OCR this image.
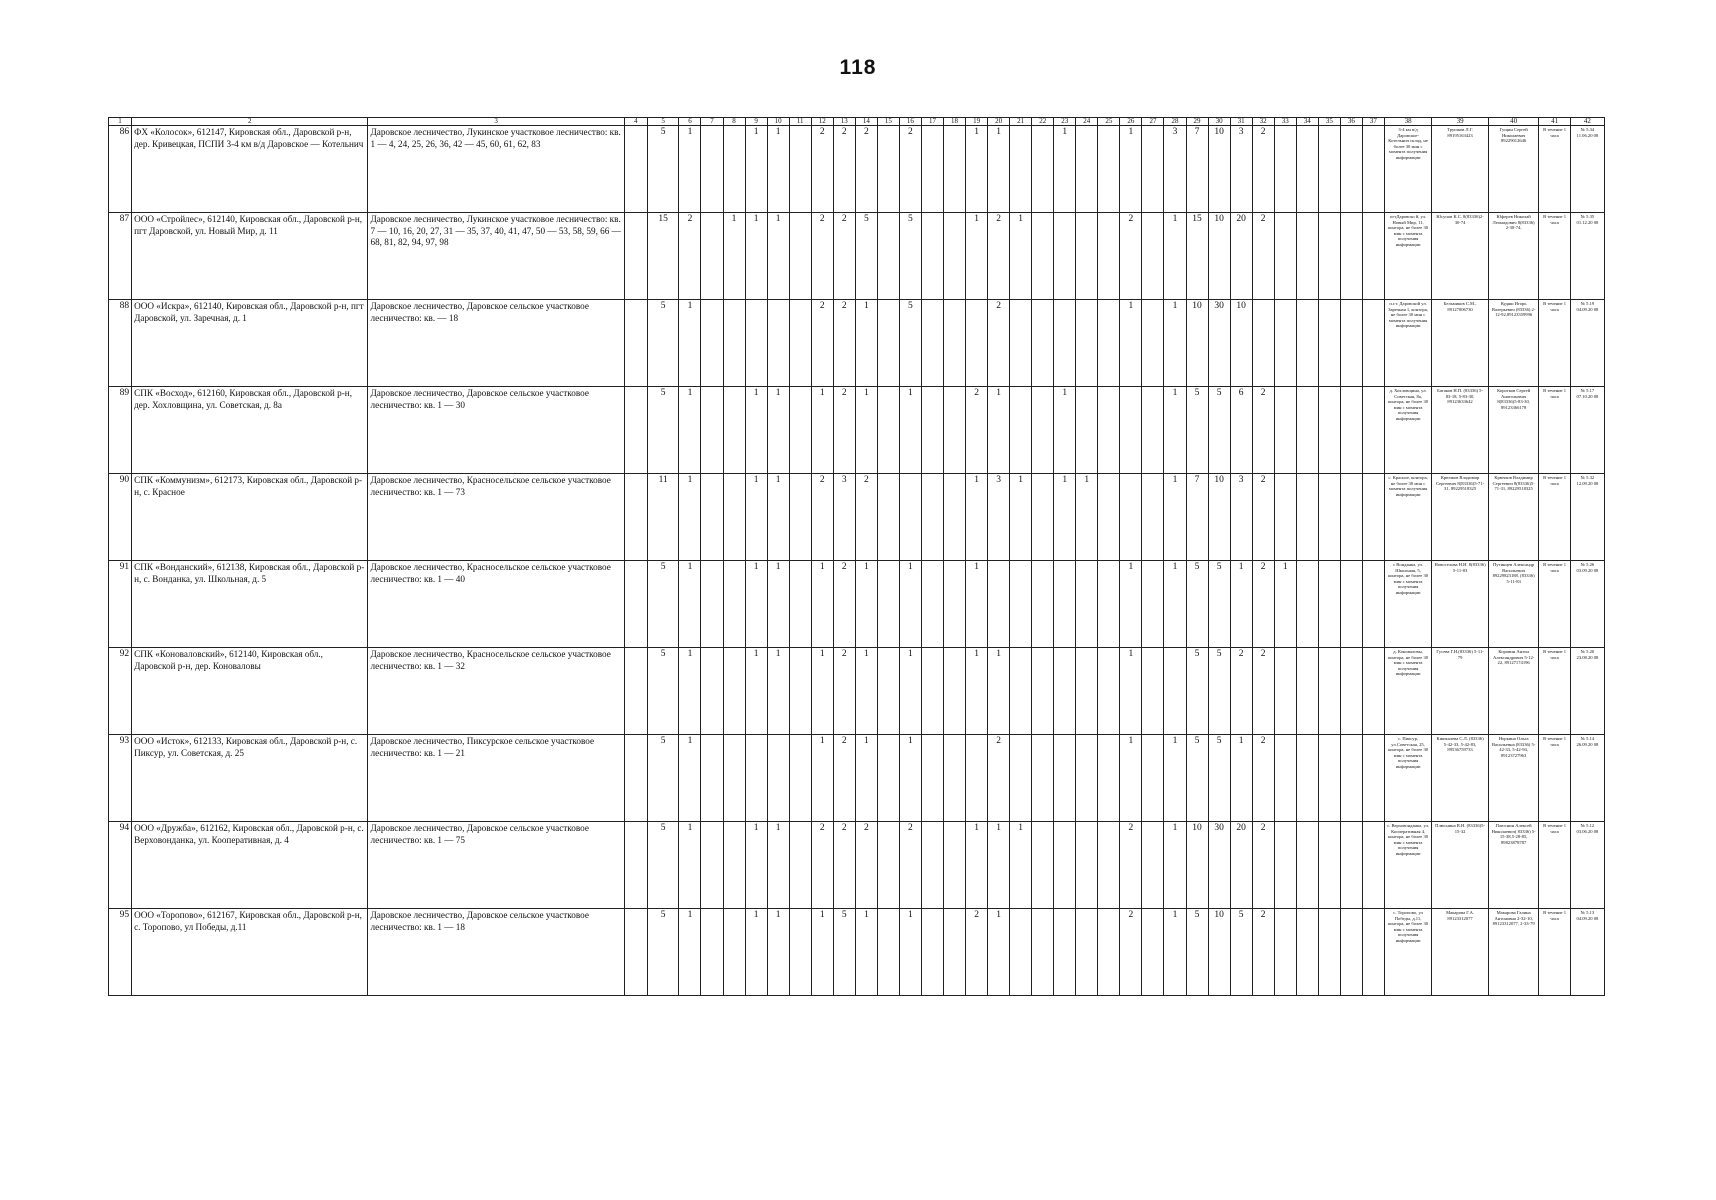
118
1	2	3	4	5	6	7	8	9	10	11	12	13	14	15	16	17	18	19	20	21	22	23	24	25	26	27	28	29	30	31	32	33	34	35	36	37	38	39	40	41	42
86	ФХ «Колосок», 612147, Кировская обл., Даровской р-н, дер. Кривецкая, ПСПИ 3-4 км в/д Даровское — Котельнич	Даровское лесничество, Лукинское участковое лесничество: кв. 1 — 4, 24, 25, 26, 36, 42 — 45, 60, 61, 62, 83		5	1			1	1		2	2	2		2			1	1			1			1		3	7	10	3	2						3-4 км в/д Даровское-Котельнич склад, не более 30 мин с момента получения информации	Трушков Л.Г. 89195163423	Гущин Сергей Николаевич 89229012646	В течение 1 часа	№ 5.34 11.06.20 08
87	ООО «Стройлес», 612140, Кировская обл., Даровской р-н, пгт Даровской, ул. Новый Мир, д. 11	Даровское лесничество, Лукинское участковое лесничество: кв. 7 — 10, 16, 20, 27, 31 — 35, 37, 40, 41, 47, 50 — 53, 58, 59, 66 — 68, 81, 82, 94, 97, 98		15	2		1	1	1		2	2	5		5			1	2	1					2		1	15	10	20	2						пгтДаровско й, ул. Новый Мир, 11, контора, не более 30 мин с момента получения информации	Юсупов К.С. 8(83336)2-30-74	Юферев Николай Леонидович 8(83336) 2-30-74,	В течение 1 часа	№ 5.35 01.12.20 08
88	ООО «Искра», 612140, Кировская обл., Даровской р-н, пгт Даровской, ул. Заречная, д. 1	Даровское лесничество, Даровское сельское участковое лесничество: кв. — 18		5	1						2	2	1		5				2						1		1	10	30	10							п.г.т. Даровской ул. Заречная 1, контора, не более 30 мин с момента получения информации	Бельмиков С.М., 89127006730	Кудяш Игорь Валерьевич (83336) 2-12-92,89123359996	В течение 1 часа	№ 5.19 04.09.20 08
89	СПК «Восход», 612160, Кировская обл., Даровской р-н, дер. Хохловщина, ул. Советская, д. 8а	Даровское лесничество, Даровское сельское участковое лесничество: кв. 1 — 30		5	1			1	1		1	2	1		1			2	1			1					1	5	5	6	2						д. Хохловщина, ул. Советская, 8а, контора, не более 30 мин с момента получения информации	Батаков Н.П. (83336) 5-83-18, 5-83-30, 89123633642	Коротков Сергей Анатольевич 8(83336)5-83-30, 89123366178	В течение 1 часа	№ 5.17 07.10.20 08
90	СПК «Коммунизм», 612173, Кировская обл., Даровской р-н, с. Красное	Даровское лесничество, Красносельское сельское участковое лесничество: кв. 1 — 73		11	1			1	1		2	3	2					1	3	1		1	1				1	7	10	3	2						с. Красное, контора, не более 30 мин с момента получения информации	Крючков Владимир Сергеевич 8(83336)5-71-31, 89229518325	Крючков Владимир Сергеевич 8(83336)5-71-31, 89229518325	В течение 1 часа	№ 5.32 12.09.20 08
91	СПК «Вонданский», 612138, Кировская обл., Даровской р-н, с. Вонданка, ул. Школьная, д. 5	Даровское лесничество, Красносельское сельское участковое лесничество: кв. 1 — 40		5	1			1	1		1	2	1		1			1							1		1	5	5	1	2	1					с Вонданка, ул. Школьная, 5, контора, не более 30 мин с момента получения информации	Новоселова Н.Н. 8(83336) 5-11-83	Путинцев Александр Васильевич 89229823188, (83336) 5-11-83	В течение 1 часа	№ 5.26 03.09.20 08
92	СПК «Коноваловский», 612140, Кировская обл., Даровской р-н, дер. Коноваловы	Даровское лесничество, Красносельское сельское участковое лесничество: кв. 1 — 32		5	1			1	1		1	2	1		1			1	1						1			5	5	2	2						д. Коноваловы, контора, не более 30 мин с момента получения информации	Гусева Г.Н.(83336) 5-11-79	Коровин Антон Александрович 5-12-22, 89127174196	В течение 1 часа	№ 5.20 23.08.20 08
93	ООО «Исток», 612133, Кировская обл., Даровской р-н, с. Пиксур, ул. Советская, д. 25	Даровское лесничество, Пиксурское сельское участковое лесничество: кв. 1 — 21		5	1						1	2	1		1				2						1		1	5	5	1	2						с. Пиксур, ул.Советская, 25, контора, не более 30 мин с момента получения информации	Кишкалева С.Л. (83336) 5-42-33, 5-42-83, 89536759733	Норкина Ольга Васильевна (83336) 5-42-33, 5-42-94, 89123727963	В течение 1 часа	№ 5.14 26.09.20 08
94	ООО «Дружба», 612162, Кировская обл., Даровской р-н, с. Верховонданка, ул. Кооперативная, д. 4	Даровское лесничество, Даровское сельское участковое лесничество: кв. 1 — 75		5	1			1	1		2	2	2		2			1	1	1					2		1	10	30	20	2						с. Верховонданка, ул. Кооперативная 4, контора, не более 30 мин с момента получения информации	Плюснина В.Н. (83336)5-15-32	Плюснин Алексей Николаевич( 83336) 5-15-38,5-28-85, 89823878787	В течение 1 часа	№ 5.12 03.06.20 08
95	ООО «Торопово», 612167, Кировская обл., Даровской р-н, с. Торопово, ул Победы, д.11	Даровское лесничество, Даровское сельское участковое лесничество: кв. 1 — 18		5	1			1	1		1	5	1		1			2	1						2		1	5	10	5	2						с. Торопово, ул Победы, д.11, контора, не более 30 мин с момента получения информации	Макарова Г.А. 89123312077	Макарова Галина Антоновна 2-32-10, 89123312077, 2-33-79	В течение 1 часа	№ 5.13 04.09.20 08
